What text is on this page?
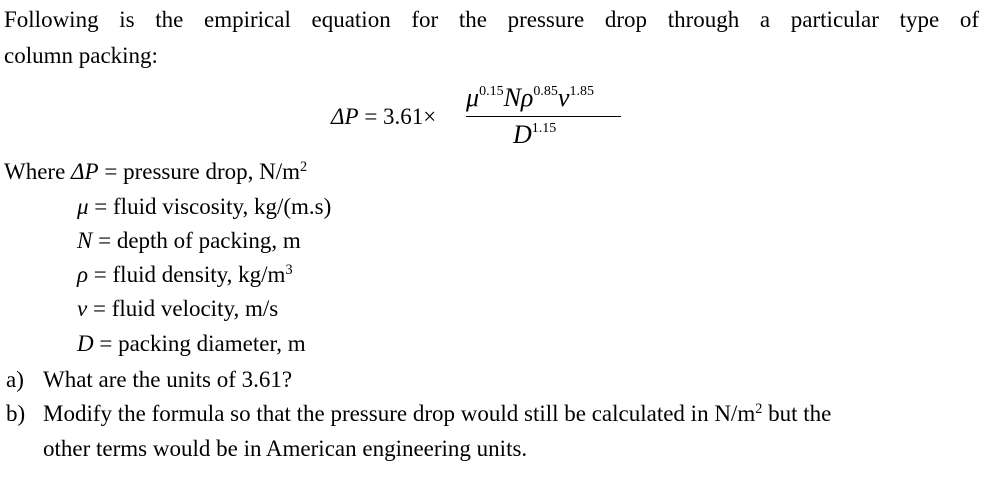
Following is the empirical equation for the pressure drop through a particular type of
column packing:
ΔP = 3.61×
$\mu^{0.15}N\rho^{0.85}v^{1.85}$
$D^{1.15}$
Where ΔP = pressure drop, $N/m^2$
μ = fluid viscosity, kg/(m.s)
N = depth of packing, m
ρ = fluid density, $kg/m^3$
v = fluid velocity, m/s
D = packing diameter, m
a) What are the units of 3.61?
b) Modify the formula so that the pressure drop would still be calculated in $N/m^2$ but the
other terms would be in American engineering units.
